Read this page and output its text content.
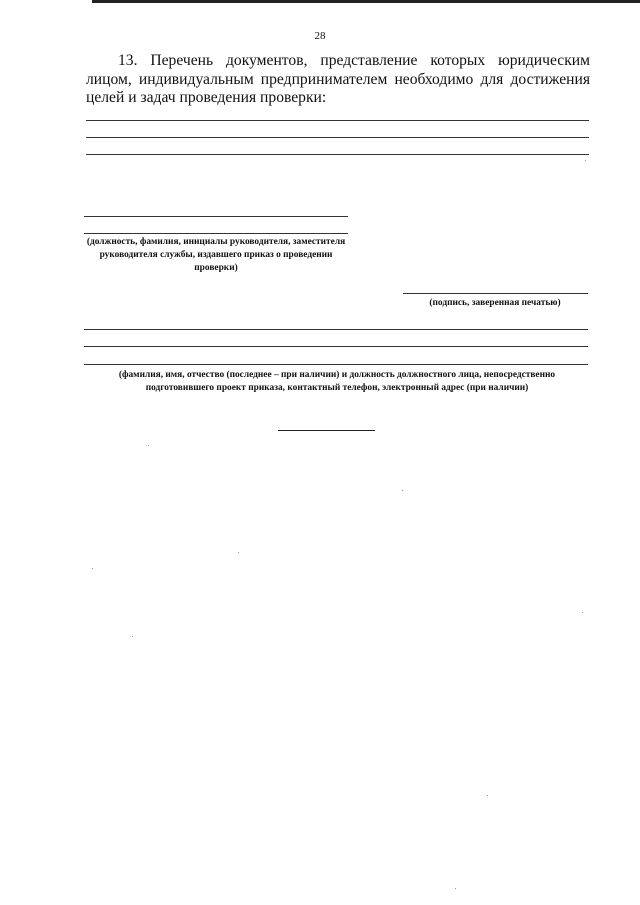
28
13. Перечень документов, представление которых юридическим лицом, индивидуальным предпринимателем необходимо для достижения целей и задач проведения проверки:
(должность, фамилия, инициалы руководителя, заместителя руководителя службы, издавшего приказ о проведении проверки)
(подпись, заверенная печатью)
(фамилия, имя, отчество (последнее – при наличии) и должность должностного лица, непосредственно подготовившего проект приказа, контактный телефон, электронный адрес (при наличии)
